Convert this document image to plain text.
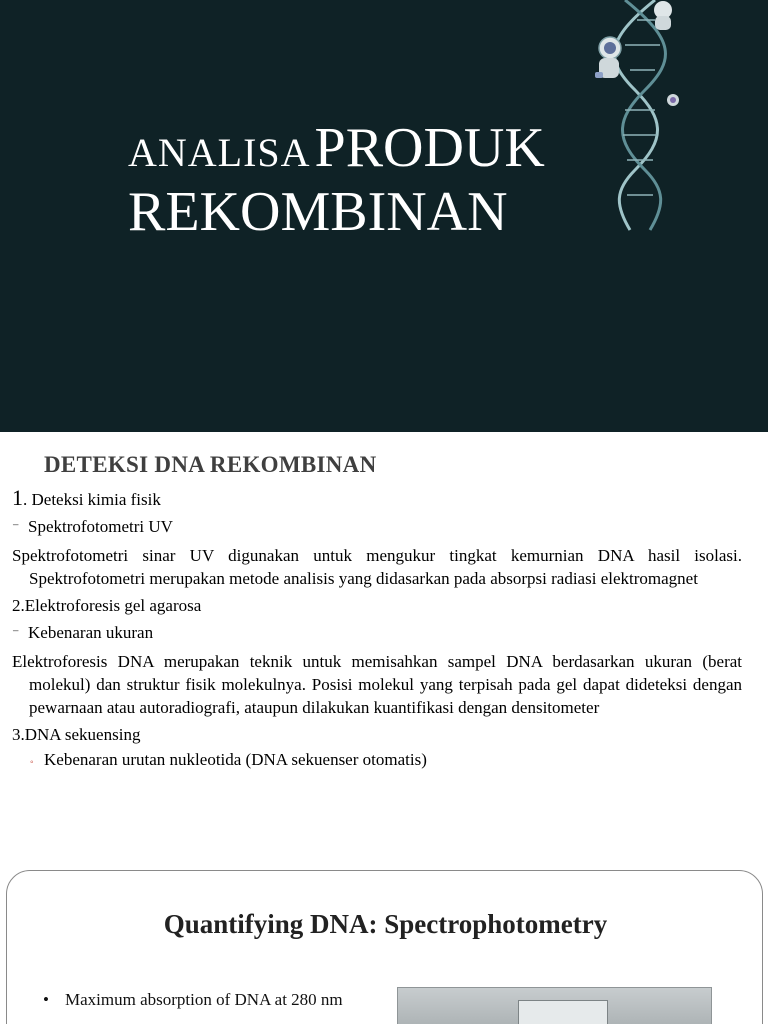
ANALISA PRODUK
REKOMBINAN
DETEKSI DNA REKOMBINAN
1. Deteksi kimia fisik
⁻ Spektrofotometri UV

Spektrofotometri sinar UV digunakan untuk mengukur tingkat kemurnian DNA hasil isolasi. Spektrofotometri merupakan metode analisis yang didasarkan pada absorpsi radiasi elektromagnet

2.Elektroforesis gel agarosa
⁻ Kebenaran ukuran

Elektroforesis DNA merupakan teknik untuk memisahkan sampel DNA berdasarkan ukuran (berat molekul) dan struktur fisik molekulnya. Posisi molekul yang terpisah pada gel dapat dideteksi dengan pewarnaan atau autoradiografi, ataupun dilakukan kuantifikasi dengan densitometer

3.DNA sekuensing
◦ Kebenaran urutan nukleotida (DNA sekuenser otomatis)
Quantifying DNA: Spectrophotometry
• Maximum absorption of DNA at 280 nm
